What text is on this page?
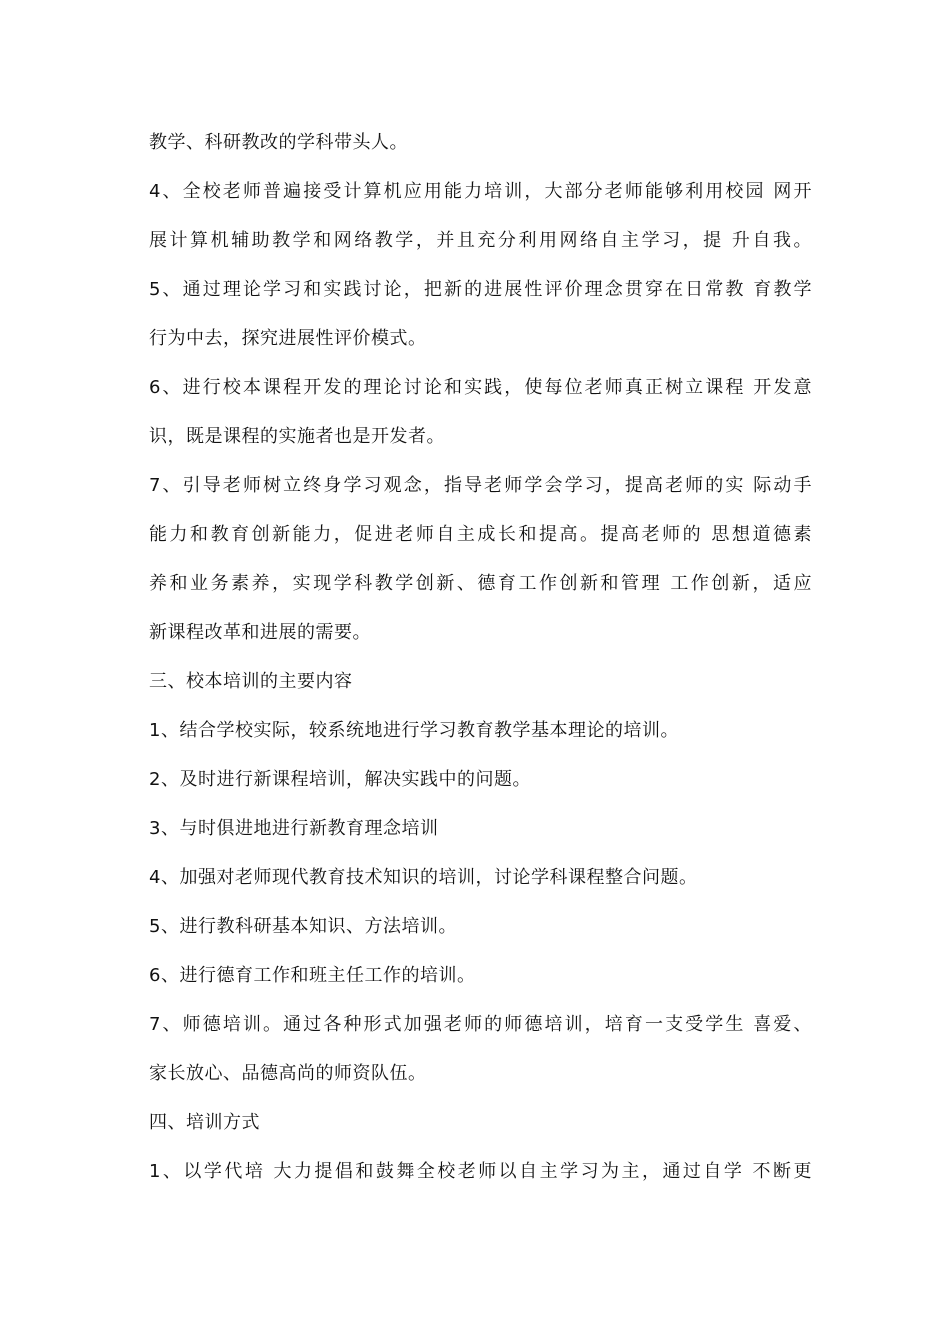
教学、科研教改的学科带头人。
4、全校老师普遍接受计算机应用能力培训，大部分老师能够利用校园 网开
展计算机辅助教学和网络教学，并且充分利用网络自主学习，提 升自我。
5、通过理论学习和实践讨论，把新的进展性评价理念贯穿在日常教 育教学
行为中去，探究进展性评价模式。
6、进行校本课程开发的理论讨论和实践，使每位老师真正树立课程 开发意
识，既是课程的实施者也是开发者。
7、引导老师树立终身学习观念，指导老师学会学习，提高老师的实 际动手
能力和教育创新能力，促进老师自主成长和提高。提高老师的 思想道德素
养和业务素养，实现学科教学创新、德育工作创新和管理 工作创新，适应
新课程改革和进展的需要。
三、校本培训的主要内容
1、结合学校实际，较系统地进行学习教育教学基本理论的培训。
2、及时进行新课程培训，解决实践中的问题。
3、与时俱进地进行新教育理念培训
4、加强对老师现代教育技术知识的培训，讨论学科课程整合问题。
5、进行教科研基本知识、方法培训。
6、进行德育工作和班主任工作的培训。
7、师德培训。通过各种形式加强老师的师德培训，培育一支受学生 喜爱、
家长放心、品德高尚的师资队伍。
四、培训方式
1、以学代培 大力提倡和鼓舞全校老师以自主学习为主，通过自学 不断更
